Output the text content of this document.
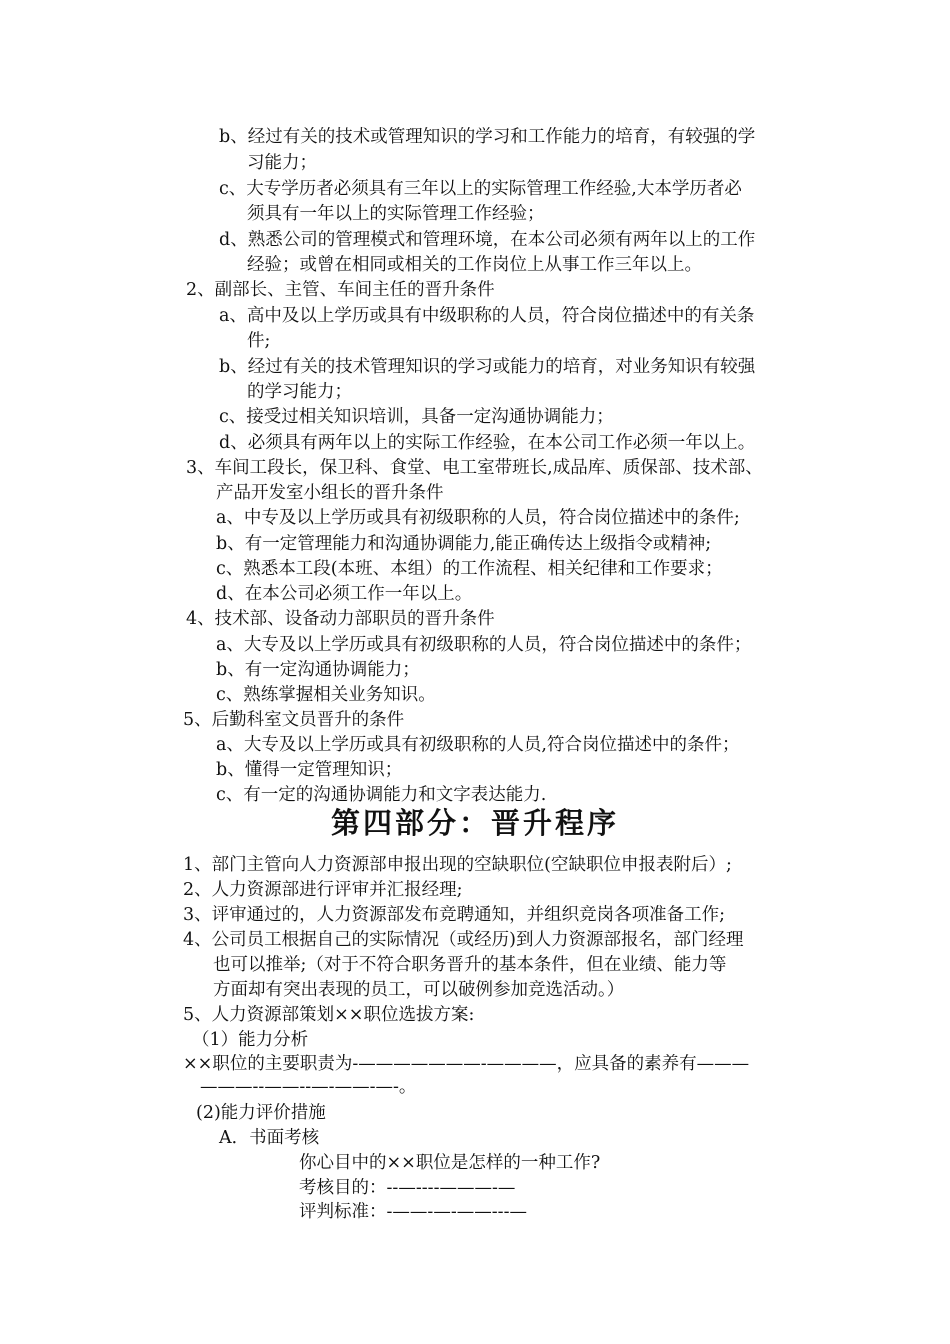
b、经过有关的技术或管理知识的学习和工作能力的培育，有较强的学
习能力；
c、大专学历者必须具有三年以上的实际管理工作经验,大本学历者必
须具有一年以上的实际管理工作经验；
d、熟悉公司的管理模式和管理环境，在本公司必须有两年以上的工作
经验；或曾在相同或相关的工作岗位上从事工作三年以上。
2、副部长、主管、车间主任的晋升条件
a、高中及以上学历或具有中级职称的人员，符合岗位描述中的有关条
件;
b、经过有关的技术管理知识的学习或能力的培育，对业务知识有较强
的学习能力；
c、接受过相关知识培训，具备一定沟通协调能力；
d、必须具有两年以上的实际工作经验，在本公司工作必须一年以上。
3、车间工段长，保卫科、食堂、电工室带班长,成品库、质保部、技术部、
产品开发室小组长的晋升条件
a、中专及以上学历或具有初级职称的人员，符合岗位描述中的条件;
b、有一定管理能力和沟通协调能力,能正确传达上级指令或精神;
c、熟悉本工段(本班、本组）的工作流程、相关纪律和工作要求；
d、在本公司必须工作一年以上。
4、技术部、设备动力部职员的晋升条件
a、大专及以上学历或具有初级职称的人员，符合岗位描述中的条件；
b、有一定沟通协调能力；
c、熟练掌握相关业务知识。
5、后勤科室文员晋升的条件
a、大专及以上学历或具有初级职称的人员,符合岗位描述中的条件；
b、懂得一定管理知识；
c、有一定的沟通协调能力和文字表达能力.
第四部分：晋升程序
1、部门主管向人力资源部申报出现的空缺职位(空缺职位申报表附后）;
2、人力资源部进行评审并汇报经理;
3、评审通过的，人力资源部发布竞聘通知，并组织竞岗各项准备工作;
4、公司员工根据自己的实际情况（或经历)到人力资源部报名，部门经理
也可以推举;（对于不符合职务晋升的基本条件，但在业绩、能力等
方面却有突出表现的员工，可以破例参加竞选活动。）
5、人力资源部策划××职位选拔方案:
（1）能力分析
××职位的主要职责为-———————-————，应具备的素养有———
———--——--—-——-—-。
(2)能力评价措施
A．书面考核
你心目中的××职位是怎样的一种工作?
考核目的：--—----———-—
评判标准：-——-—-——---—
